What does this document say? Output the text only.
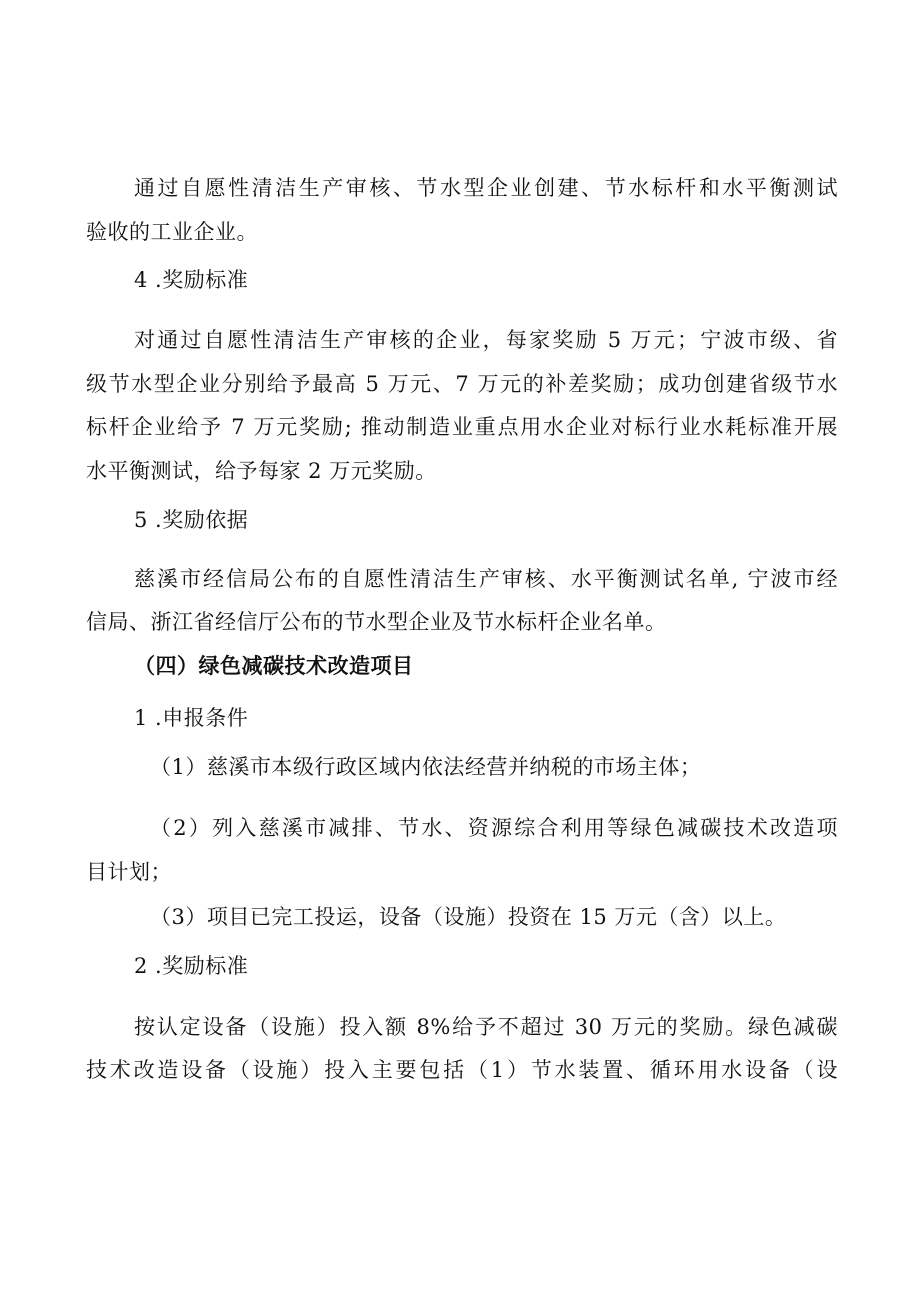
通过自愿性清洁生产审核、节水型企业创建、节水标杆和水平衡测试
验收的工业企业。
4 .奖励标准
对通过自愿性清洁生产审核的企业，每家奖励 5 万元；宁波市级、省
级节水型企业分别给予最高 5 万元、7 万元的补差奖励；成功创建省级节水
标杆企业给予 7 万元奖励; 推动制造业重点用水企业对标行业水耗标准开展
水平衡测试，给予每家 2 万元奖励。
5 .奖励依据
慈溪市经信局公布的自愿性清洁生产审核、水平衡测试名单, 宁波市经
信局、浙江省经信厅公布的节水型企业及节水标杆企业名单。
（四）绿色减碳技术改造项目
1 .申报条件
（1）慈溪市本级行政区域内依法经营并纳税的市场主体；
（2）列入慈溪市减排、节水、资源综合利用等绿色减碳技术改造项
目计划；
（3）项目已完工投运，设备（设施）投资在 15 万元（含）以上。
2 .奖励标准
按认定设备（设施）投入额 8%给予不超过 30 万元的奖励。绿色减碳
技术改造设备（设施）投入主要包括（1）节水装置、循环用水设备（设
